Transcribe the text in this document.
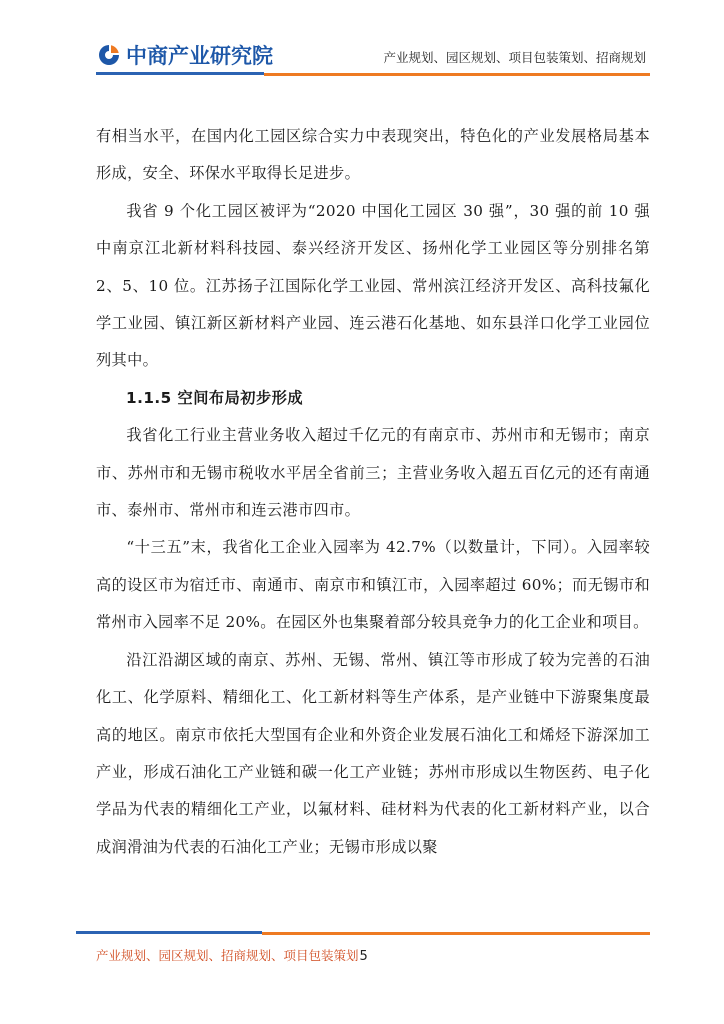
中商产业研究院	产业规划、园区规划、项目包装策划、招商规划

有相当水平，在国内化工园区综合实力中表现突出，特色化的产业发展格局基本形成，安全、环保水平取得长足进步。

我省 9 个化工园区被评为“2020 中国化工园区 30 强”，30 强的前 10 强中南京江北新材料科技园、泰兴经济开发区、扬州化学工业园区等分别排名第 2、5、10 位。江苏扬子江国际化学工业园、常州滨江经济开发区、高科技氟化学工业园、镇江新区新材料产业园、连云港石化基地、如东县洋口化学工业园位列其中。

1.1.5 空间布局初步形成

我省化工行业主营业务收入超过千亿元的有南京市、苏州市和无锡市；南京市、苏州市和无锡市税收水平居全省前三；主营业务收入超五百亿元的还有南通市、泰州市、常州市和连云港市四市。

“十三五”末，我省化工企业入园率为 42.7%（以数量计，下同）。入园率较高的设区市为宿迁市、南通市、南京市和镇江市，入园率超过 60%；而无锡市和常州市入园率不足 20%。在园区外也集聚着部分较具竞争力的化工企业和项目。

沿江沿湖区域的南京、苏州、无锡、常州、镇江等市形成了较为完善的石油化工、化学原料、精细化工、化工新材料等生产体系，是产业链中下游聚集度最高的地区。南京市依托大型国有企业和外资企业发展石油化工和烯烃下游深加工产业，形成石油化工产业链和碳一化工产业链；苏州市形成以生物医药、电子化学品为代表的精细化工产业，以氟材料、硅材料为代表的化工新材料产业，以合成润滑油为代表的石油化工产业；无锡市形成以聚

产业规划、园区规划、招商规划、项目包装策划5
